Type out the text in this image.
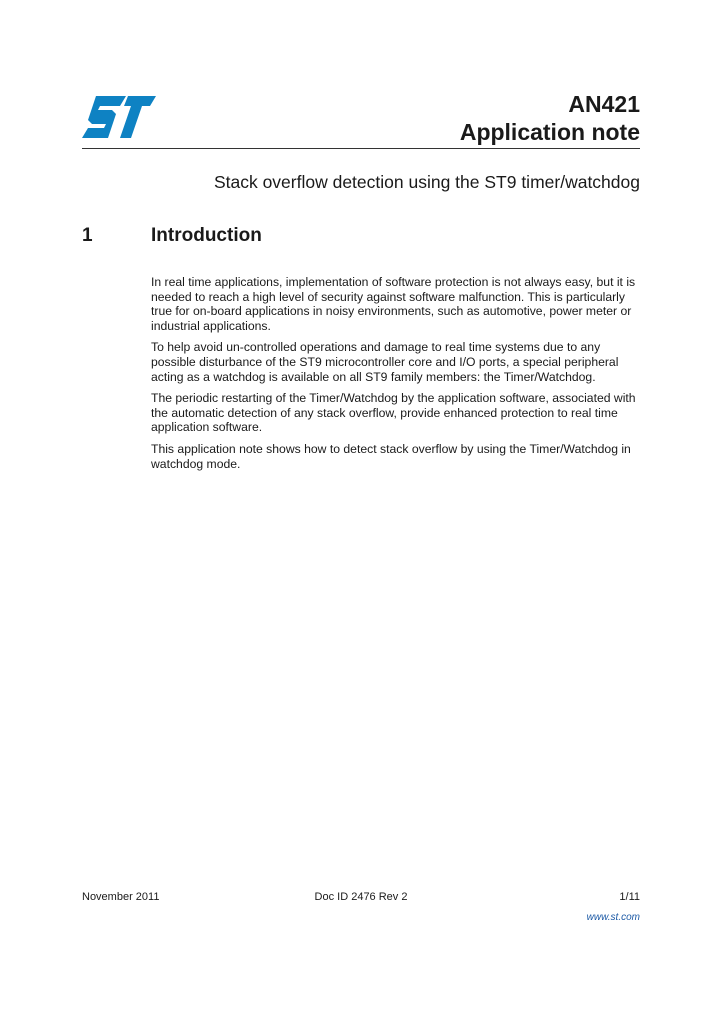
AN421
Application note
Stack overflow detection using the ST9 timer/watchdog
1	Introduction

In real time applications, implementation of software protection is not always easy, but it is needed to reach a high level of security against software malfunction. This is particularly true for on-board applications in noisy environments, such as automotive, power meter or industrial applications.

To help avoid un-controlled operations and damage to real time systems due to any possible disturbance of the ST9 microcontroller core and I/O ports, a special peripheral acting as a watchdog is available on all ST9 family members: the Timer/Watchdog.

The periodic restarting of the Timer/Watchdog by the application software, associated with the automatic detection of any stack overflow, provide enhanced protection to real time application software.

This application note shows how to detect stack overflow by using the Timer/Watchdog in watchdog mode.

November 2011	Doc ID 2476 Rev 2	1/11
www.st.com
